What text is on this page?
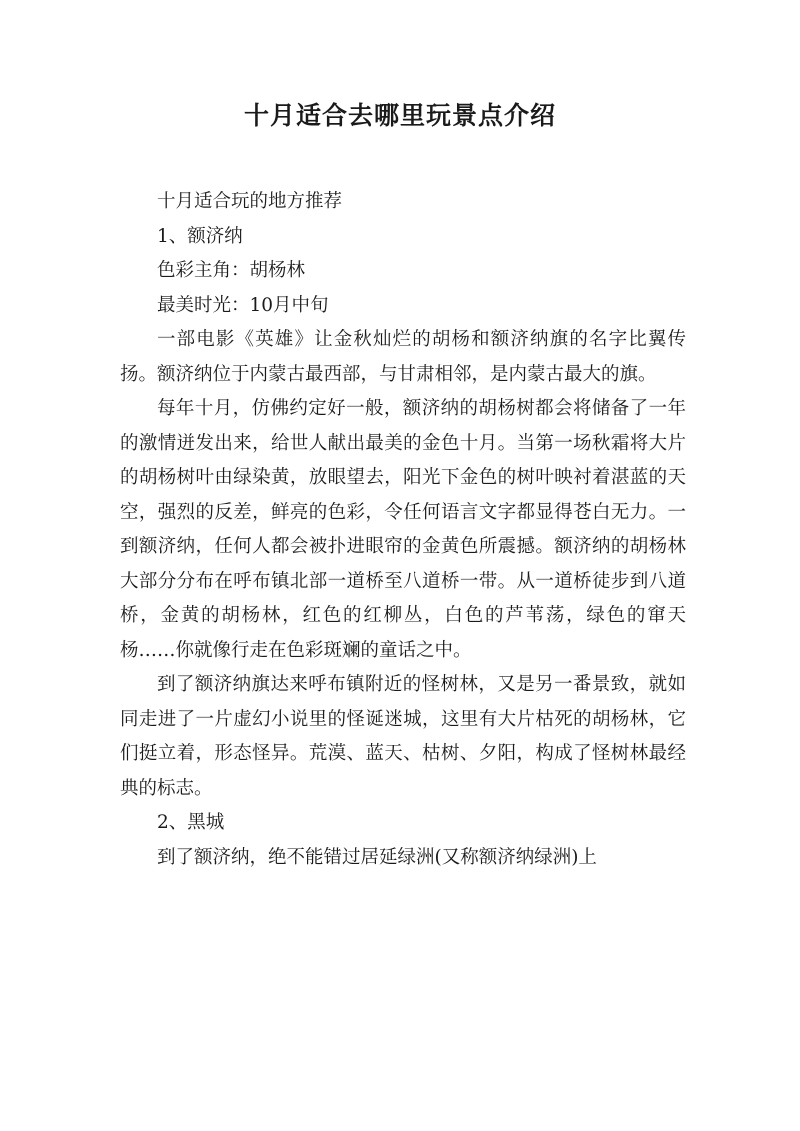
十月适合去哪里玩景点介绍

十月适合玩的地方推荐

1、额济纳

色彩主角：胡杨林

最美时光：10月中旬

一部电影《英雄》让金秋灿烂的胡杨和额济纳旗的名字比翼传扬。额济纳位于内蒙古最西部，与甘肃相邻，是内蒙古最大的旗。

每年十月，仿佛约定好一般，额济纳的胡杨树都会将储备了一年的激情迸发出来，给世人献出最美的金色十月。当第一场秋霜将大片的胡杨树叶由绿染黄，放眼望去，阳光下金色的树叶映衬着湛蓝的天空，强烈的反差，鲜亮的色彩，令任何语言文字都显得苍白无力。一到额济纳，任何人都会被扑进眼帘的金黄色所震撼。额济纳的胡杨林大部分分布在呼布镇北部一道桥至八道桥一带。从一道桥徒步到八道桥，金黄的胡杨林，红色的红柳丛，白色的芦苇荡，绿色的窜天杨……你就像行走在色彩斑斓的童话之中。

到了额济纳旗达来呼布镇附近的怪树林，又是另一番景致，就如同走进了一片虚幻小说里的怪诞迷城，这里有大片枯死的胡杨林，它们挺立着，形态怪异。荒漠、蓝天、枯树、夕阳，构成了怪树林最经典的标志。

2、黑城

到了额济纳，绝不能错过居延绿洲(又称额济纳绿洲)上
